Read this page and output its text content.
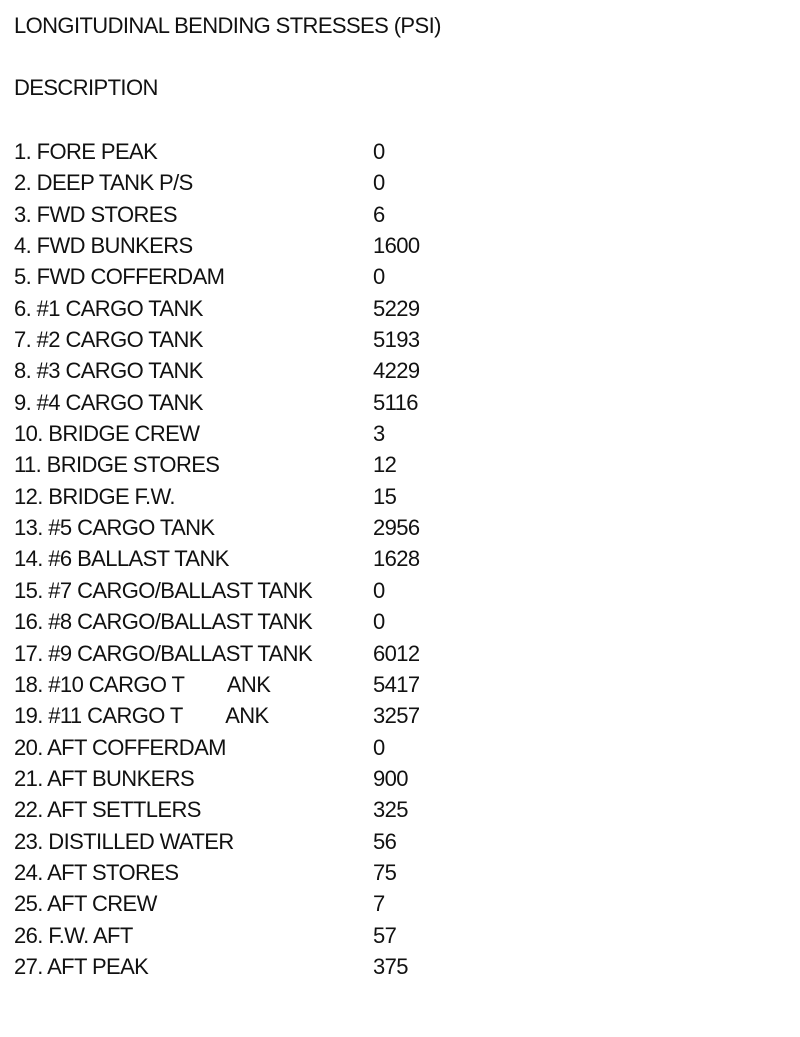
LONGITUDINAL BENDING STRESSES (PSI)
DESCRIPTION
1. FORE PEAK	0
2. DEEP TANK P/S	0
3. FWD STORES	6
4. FWD BUNKERS	1600
5. FWD COFFERDAM	0
6. #1 CARGO TANK	5229
7. #2 CARGO TANK	5193
8. #3 CARGO TANK	4229
9. #4 CARGO TANK	5116
10. BRIDGE CREW	3
11. BRIDGE STORES	12
12. BRIDGE F.W.	15
13. #5 CARGO TANK	2956
14. #6 BALLAST TANK	1628
15. #7 CARGO/BALLAST TANK	0
16. #8 CARGO/BALLAST TANK	0
17. #9 CARGO/BALLAST TANK	6012
18. #10 CARGO T        ANK	5417
19. #11 CARGO T        ANK	3257
20. AFT COFFERDAM	0
21. AFT BUNKERS	900
22. AFT SETTLERS	325
23. DISTILLED WATER	56
24. AFT STORES	75
25. AFT CREW	7
26. F.W. AFT	57
27. AFT PEAK	375
